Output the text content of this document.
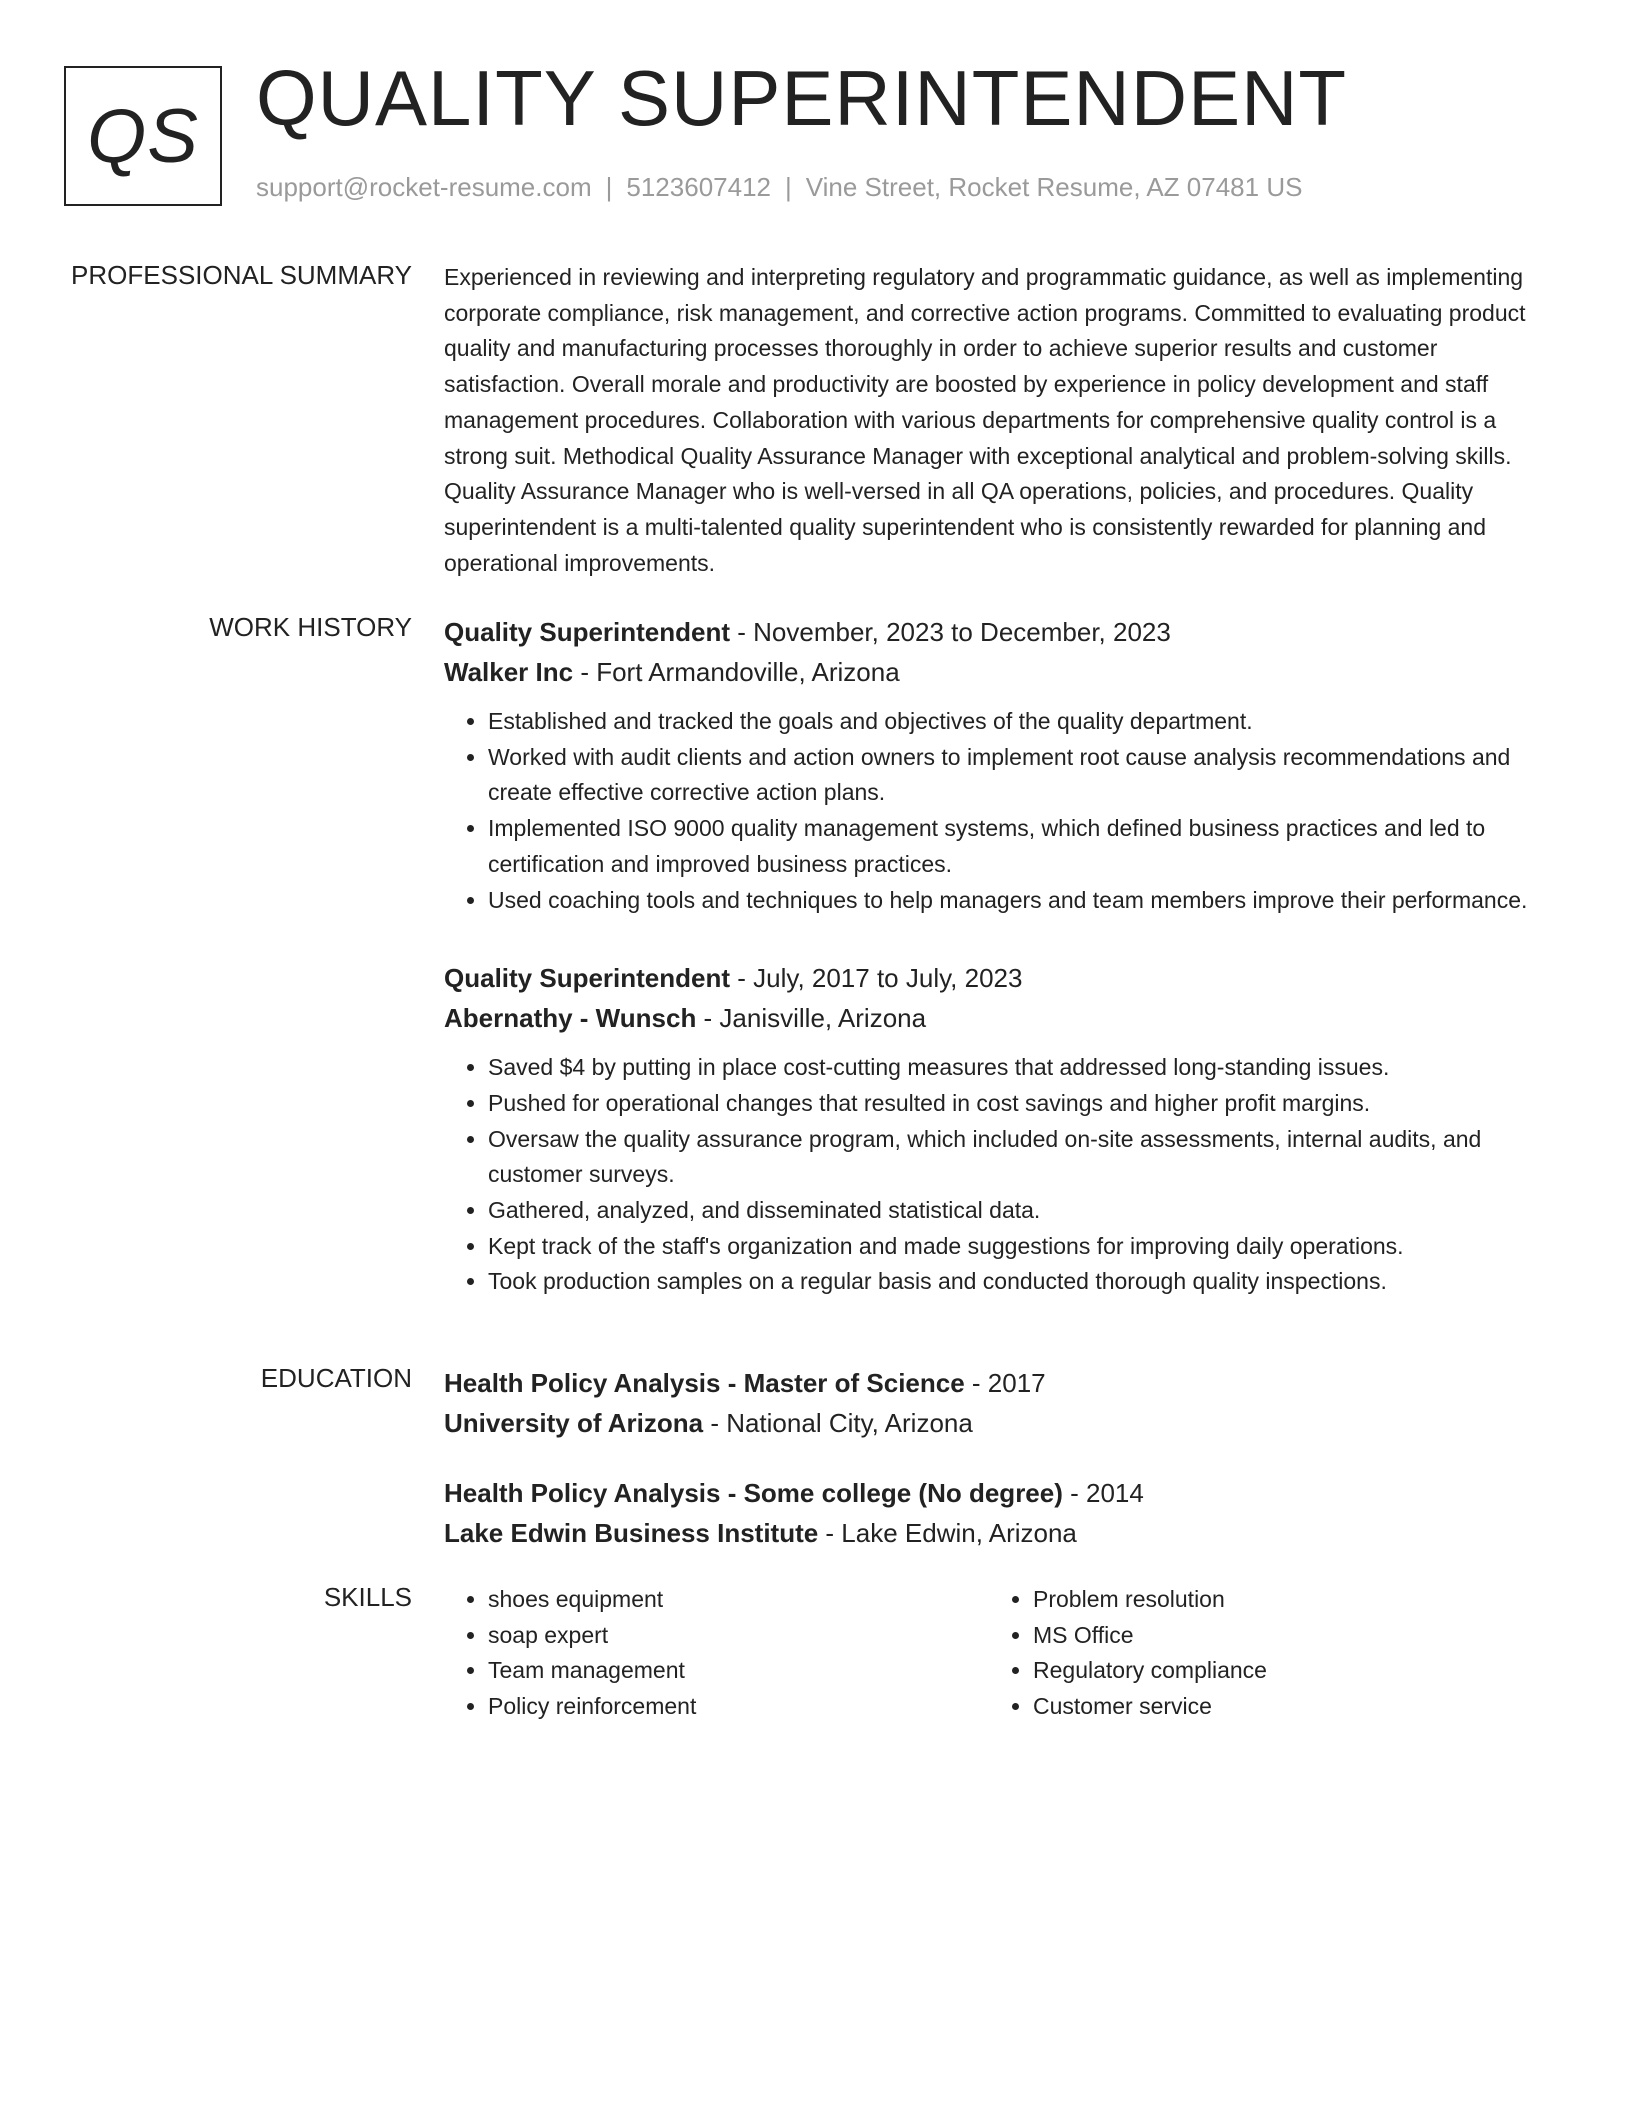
QS QUALITY SUPERINTENDENT
support@rocket-resume.com | 5123607412 | Vine Street, Rocket Resume, AZ 07481 US
PROFESSIONAL SUMMARY Experienced in reviewing and interpreting regulatory and programmatic guidance, as well as implementing corporate compliance, risk management, and corrective action programs. Committed to evaluating product quality and manufacturing processes thoroughly in order to achieve superior results and customer satisfaction. Overall morale and productivity are boosted by experience in policy development and staff management procedures. Collaboration with various departments for comprehensive quality control is a strong suit. Methodical Quality Assurance Manager with exceptional analytical and problem-solving skills. Quality Assurance Manager who is well-versed in all QA operations, policies, and procedures. Quality superintendent is a multi-talented quality superintendent who is consistently rewarded for planning and operational improvements.
WORK HISTORY Quality Superintendent - November, 2023 to December, 2023
Walker Inc - Fort Armandoville, Arizona
• Established and tracked the goals and objectives of the quality department.
• Worked with audit clients and action owners to implement root cause analysis recommendations and create effective corrective action plans.
• Implemented ISO 9000 quality management systems, which defined business practices and led to certification and improved business practices.
• Used coaching tools and techniques to help managers and team members improve their performance.
Quality Superintendent - July, 2017 to July, 2023
Abernathy - Wunsch - Janisville, Arizona
• Saved $4 by putting in place cost-cutting measures that addressed long-standing issues.
• Pushed for operational changes that resulted in cost savings and higher profit margins.
• Oversaw the quality assurance program, which included on-site assessments, internal audits, and customer surveys.
• Gathered, analyzed, and disseminated statistical data.
• Kept track of the staff's organization and made suggestions for improving daily operations.
• Took production samples on a regular basis and conducted thorough quality inspections.
EDUCATION Health Policy Analysis - Master of Science - 2017
University of Arizona - National City, Arizona
Health Policy Analysis - Some college (No degree) - 2014
Lake Edwin Business Institute - Lake Edwin, Arizona
SKILLS
•	shoes equipment
• soap expert
• Team management
• Policy reinforcement
• Problem resolution
• MS Office
• Regulatory compliance
• Customer service
